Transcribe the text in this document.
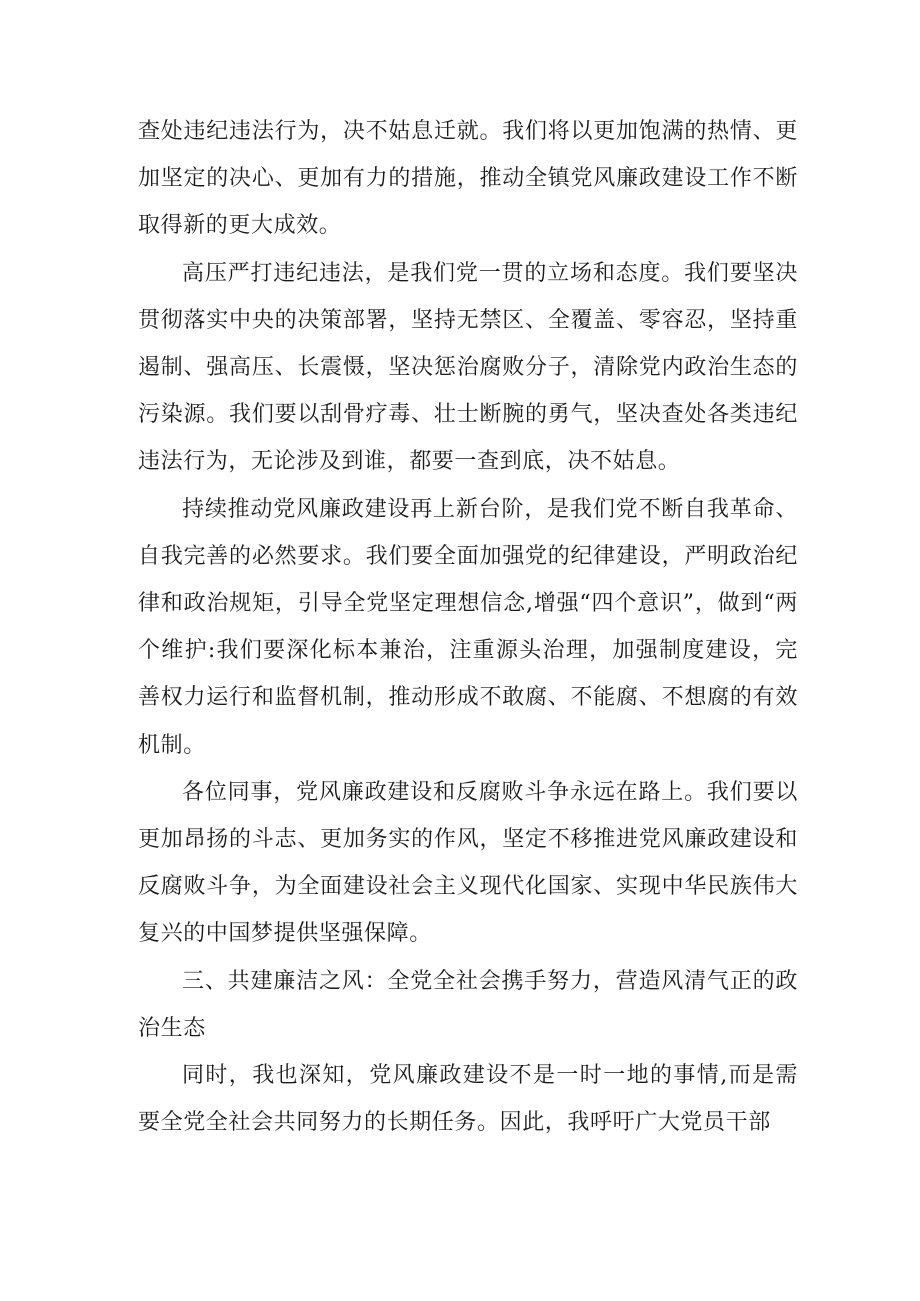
查处违纪违法行为，决不姑息迁就。我们将以更加饱满的热情、更加坚定的决心、更加有力的措施，推动全镇党风廉政建设工作不断取得新的更大成效。

高压严打违纪违法，是我们党一贯的立场和态度。我们要坚决贯彻落实中央的决策部署，坚持无禁区、全覆盖、零容忍，坚持重遏制、强高压、长震慑，坚决惩治腐败分子，清除党内政治生态的污染源。我们要以刮骨疗毒、壮士断腕的勇气，坚决查处各类违纪违法行为，无论涉及到谁，都要一查到底，决不姑息。

持续推动党风廉政建设再上新台阶，是我们党不断自我革命、自我完善的必然要求。我们要全面加强党的纪律建设，严明政治纪律和政治规矩，引导全党坚定理想信念,增强“四个意识”，做到“两个维护:我们要深化标本兼治，注重源头治理，加强制度建设，完善权力运行和监督机制，推动形成不敢腐、不能腐、不想腐的有效机制。

各位同事，党风廉政建设和反腐败斗争永远在路上。我们要以更加昂扬的斗志、更加务实的作风，坚定不移推进党风廉政建设和反腐败斗争，为全面建设社会主义现代化国家、实现中华民族伟大复兴的中国梦提供坚强保障。

三、共建廉洁之风：全党全社会携手努力，营造风清气正的政治生态

同时，我也深知，党风廉政建设不是一时一地的事情,而是需要全党全社会共同努力的长期任务。因此，我呼吁广大党员干部
